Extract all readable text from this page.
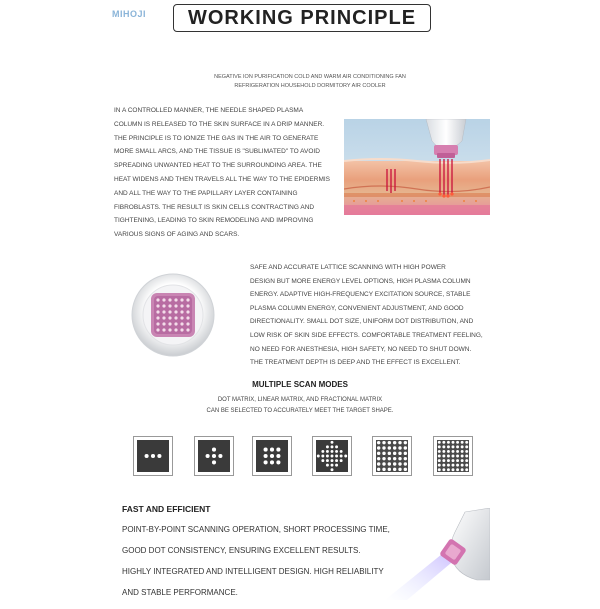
MIHOJI WORKING PRINCIPLE
NEGATIVE ION PURIFICATION COLD AND WARM AIR CONDITIONING FAN
REFRIGERATION HOUSEHOLD DORMITORY AIR COOLER
IN A CONTROLLED MANNER, THE NEEDLE SHAPED PLASMA
COLUMN IS RELEASED TO THE SKIN SURFACE IN A DRIP MANNER.
THE PRINCIPLE IS TO IONIZE THE GAS IN THE AIR TO GENERATE
MORE SMALL ARCS, AND THE TISSUE IS "SUBLIMATED" TO AVOID
SPREADING UNWANTED HEAT TO THE SURROUNDING AREA. THE
HEAT WIDENS AND THEN TRAVELS ALL THE WAY TO THE EPIDERMIS
AND ALL THE WAY TO THE PAPILLARY LAYER CONTAINING
FIBROBLASTS. THE RESULT IS SKIN CELLS CONTRACTING AND
TIGHTENING, LEADING TO SKIN REMODELING AND IMPROVING
VARIOUS SIGNS OF AGING AND SCARS.
SAFE AND ACCURATE LATTICE SCANNING WITH HIGH POWER
DESIGN BUT MORE ENERGY LEVEL OPTIONS, HIGH PLASMA COLUMN
ENERGY. ADAPTIVE HIGH-FREQUENCY EXCITATION SOURCE, STABLE
PLASMA COLUMN ENERGY, CONVENIENT ADJUSTMENT, AND GOOD
DIRECTIONALITY. SMALL DOT SIZE, UNIFORM DOT DISTRIBUTION, AND
LOW RISK OF SKIN SIDE EFFECTS. COMFORTABLE TREATMENT FEELING,
NO NEED FOR ANESTHESIA, HIGH SAFETY, NO NEED TO SHUT DOWN.
THE TREATMENT DEPTH IS DEEP AND THE EFFECT IS EXCELLENT.
MULTIPLE SCAN MODES
DOT MATRIX, LINEAR MATRIX, AND FRACTIONAL MATRIX
CAN BE SELECTED TO ACCURATELY MEET THE TARGET SHAPE.
FAST AND EFFICIENT
POINT-BY-POINT SCANNING OPERATION, SHORT PROCESSING TIME,
GOOD DOT CONSISTENCY, ENSURING EXCELLENT RESULTS.
HIGHLY INTEGRATED AND INTELLIGENT DESIGN. HIGH RELIABILITY
AND STABLE PERFORMANCE.
